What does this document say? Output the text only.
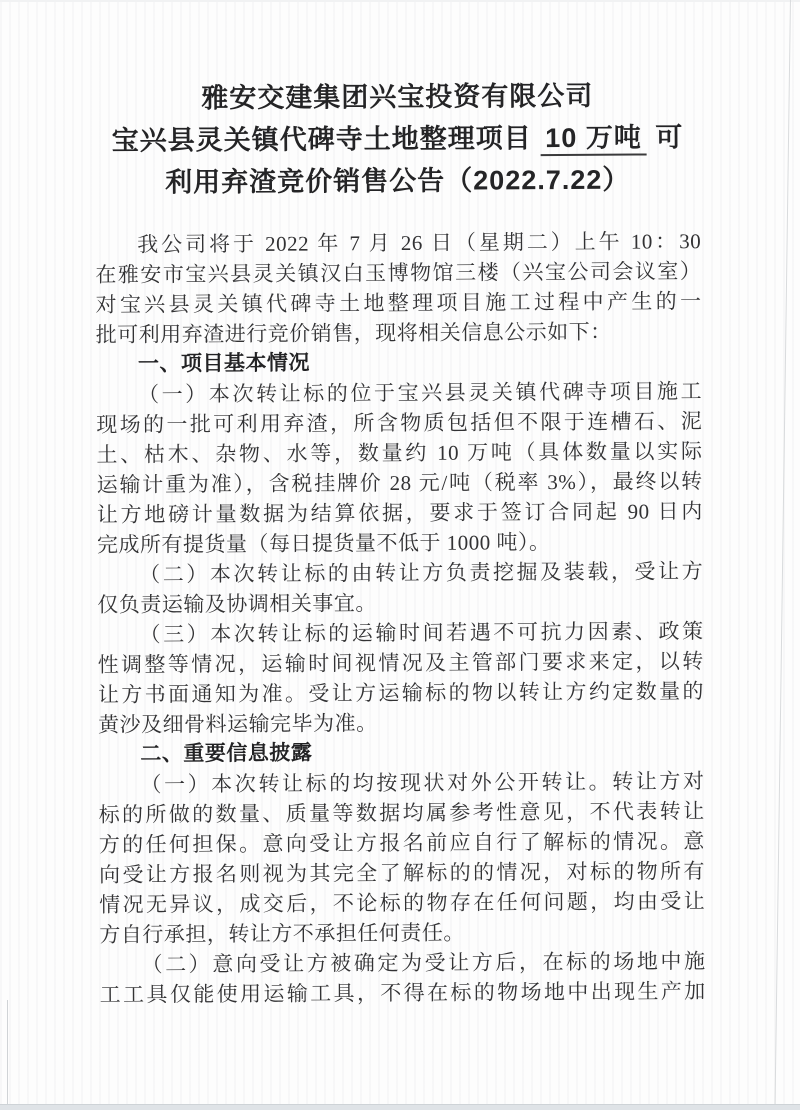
雅安交建集团兴宝投资有限公司
宝兴县灵关镇代碑寺土地整理项目 10 万吨 可
利用弃渣竞价销售公告（2022.7.22）
我公司将于 2022 年 7 月 26 日（星期二）上午 10：30
在雅安市宝兴县灵关镇汉白玉博物馆三楼（兴宝公司会议室）
对宝兴县灵关镇代碑寺土地整理项目施工过程中产生的一
批可利用弃渣进行竞价销售，现将相关信息公示如下：
一、项目基本情况
（一）本次转让标的位于宝兴县灵关镇代碑寺项目施工
现场的一批可利用弃渣，所含物质包括但不限于连槽石、泥
土、枯木、杂物、水等，数量约 10 万吨（具体数量以实际
运输计重为准），含税挂牌价 28 元/吨（税率 3%），最终以转
让方地磅计量数据为结算依据，要求于签订合同起 90 日内
完成所有提货量（每日提货量不低于 1000 吨）。
（二）本次转让标的由转让方负责挖掘及装载，受让方
仅负责运输及协调相关事宜。
（三）本次转让标的运输时间若遇不可抗力因素、政策
性调整等情况，运输时间视情况及主管部门要求来定，以转
让方书面通知为准。受让方运输标的物以转让方约定数量的
黄沙及细骨料运输完毕为准。
二、重要信息披露
（一）本次转让标的均按现状对外公开转让。转让方对
标的所做的数量、质量等数据均属参考性意见，不代表转让
方的任何担保。意向受让方报名前应自行了解标的情况。意
向受让方报名则视为其完全了解标的的情况，对标的物所有
情况无异议，成交后，不论标的物存在任何问题，均由受让
方自行承担，转让方不承担任何责任。
（二）意向受让方被确定为受让方后，在标的场地中施
工工具仅能使用运输工具，不得在标的物场地中出现生产加
